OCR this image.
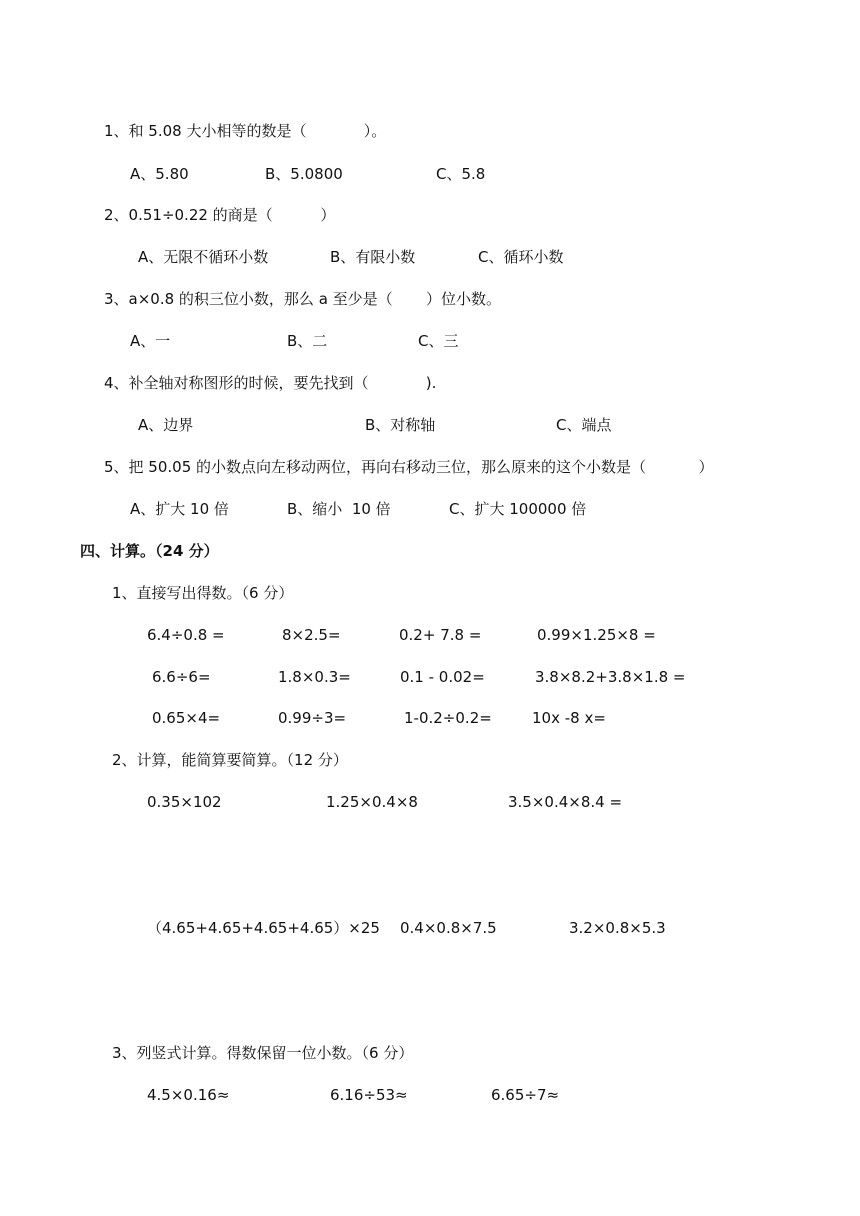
1、和 5.08 大小相等的数是（            ）。
A、5.80	B、5.0800	C、5.8
2、0.51÷0.22 的商是（          ）
A、无限不循环小数	B、有限小数	C、循环小数
3、a×0.8 的积三位小数，那么 a 至少是（       ）位小数。
A、一	B、二	C、三
4、补全轴对称图形的时候，要先找到（            ).
A、边界	B、对称轴	C、端点
5、把 50.05 的小数点向左移动两位，再向右移动三位，那么原来的这个小数是（           ）
A、扩大 10 倍	B、缩小  10 倍	C、扩大 100000 倍
四、计算。（24 分）
1、直接写出得数。（6 分）
6.4÷0.8 =	8×2.5=	0.2+ 7.8 =	0.99×1.25×8 =
6.6÷6=	1.8×0.3=	0.1 - 0.02=	3.8×8.2+3.8×1.8 =
0.65×4=	0.99÷3=	1-0.2÷0.2=	10x -8 x=
2、计算，能简算要简算。（12 分）
0.35×102	1.25×0.4×8	3.5×0.4×8.4 =
（4.65+4.65+4.65+4.65）×25 0.4×0.8×7.5	3.2×0.8×5.3
3、列竖式计算。得数保留一位小数。（6 分）
4.5×0.16≈	6.16÷53≈	6.65÷7≈
